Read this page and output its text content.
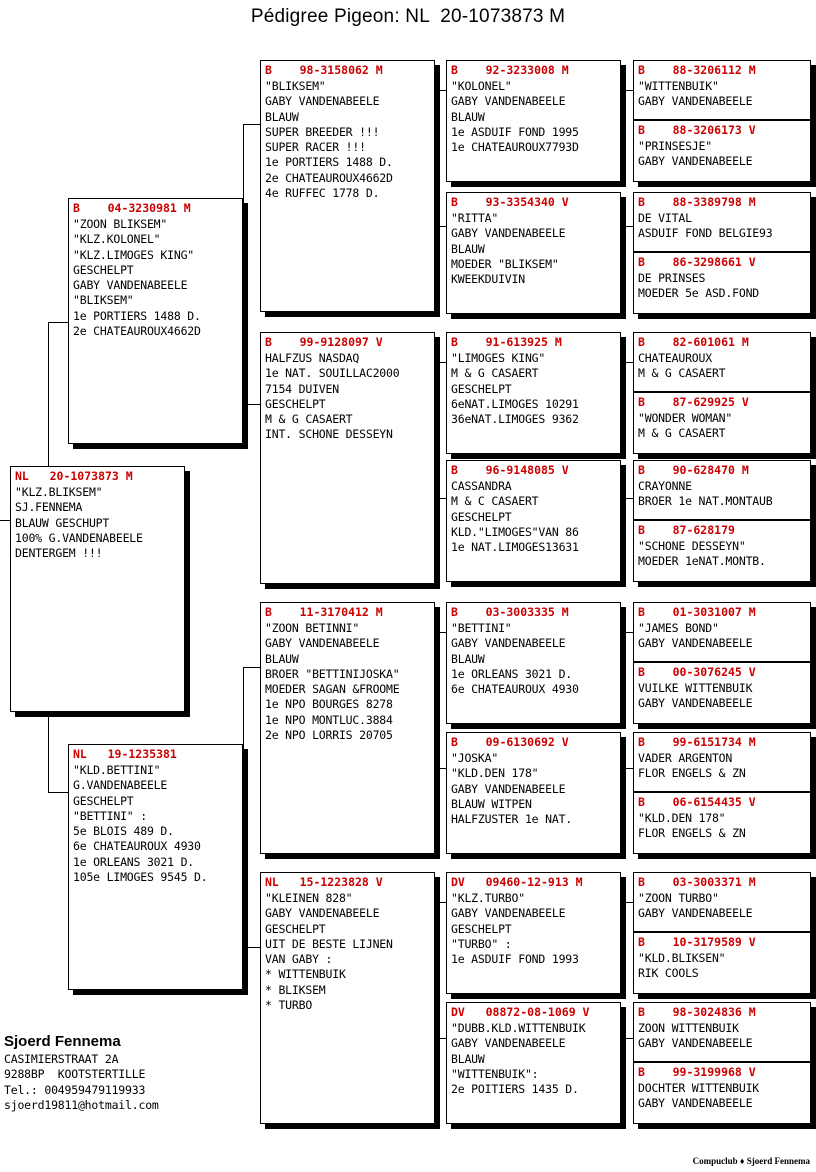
Pédigree Pigeon: NL  20-1073873 M
NL   20-1073873 M
"KLZ.BLIKSEM"
SJ.FENNEMA
BLAUW GESCHUPT
100% G.VANDENABEELE
DENTERGEM !!!
B    04-3230981 M
"ZOON BLIKSEM"
"KLZ.KOLONEL"
"KLZ.LIMOGES KING"
GESCHELPT
GABY VANDENABEELE
"BLIKSEM"
1e PORTIERS 1488 D.
2e CHATEAUROUX4662D
NL   19-1235381
"KLD.BETTINI"
G.VANDENABEELE
GESCHELPT
"BETTINI" :
5e BLOIS 489 D.
6e CHATEAUROUX 4930
1e ORLEANS 3021 D.
105e LIMOGES 9545 D.
B    98-3158062 M
"BLIKSEM"
GABY VANDENABEELE
BLAUW
SUPER BREEDER !!!
SUPER RACER !!!
1e PORTIERS 1488 D.
2e CHATEAUROUX4662D
4e RUFFEC 1778 D.
B    99-9128097 V
HALFZUS NASDAQ
1e NAT. SOUILLAC2000
7154 DUIVEN
GESCHELPT
M & G CASAERT
INT. SCHONE DESSEYN
B    11-3170412 M
"ZOON BETINNI"
GABY VANDENABEELE
BLAUW
BROER "BETTINIJOSKA"
MOEDER SAGAN &FROOME
1e NPO BOURGES 8278
1e NPO MONTLUC.3884
2e NPO LORRIS 20705
NL   15-1223828 V
"KLEINEN 828"
GABY VANDENABEELE
GESCHELPT
UIT DE BESTE LIJNEN
VAN GABY :
* WITTENBUIK
* BLIKSEM
* TURBO
B    92-3233008 M
"KOLONEL"
GABY VANDENABEELE
BLAUW
1e ASDUIF FOND 1995
1e CHATEAUROUX7793D
B    93-3354340 V
"RITTA"
GABY VANDENABEELE
BLAUW
MOEDER "BLIKSEM"
KWEEKDUIVIN
B    91-613925 M
"LIMOGES KING"
M & G CASAERT
GESCHELPT
6eNAT.LIMOGES 10291
36eNAT.LIMOGES 9362
B    96-9148085 V
CASSANDRA
M & C CASAERT
GESCHELPT
KLD."LIMOGES"VAN 86
1e NAT.LIMOGES13631
B    03-3003335 M
"BETTINI"
GABY VANDENABEELE
BLAUW
1e ORLEANS 3021 D.
6e CHATEAUROUX 4930
B    09-6130692 V
"JOSKA"
"KLD.DEN 178"
GABY VANDENABEELE
BLAUW WITPEN
HALFZUSTER 1e NAT.
DV   09460-12-913 M
"KLZ.TURBO"
GABY VANDENABEELE
GESCHELPT
"TURBO" :
1e ASDUIF FOND 1993
DV   08872-08-1069 V
"DUBB.KLD.WITTENBUIK
GABY VANDENABEELE
BLAUW
"WITTENBUIK":
2e POITIERS 1435 D.
B    88-3206112 M
"WITTENBUIK"
GABY VANDENABEELE
B    88-3206173 V
"PRINSESJE"
GABY VANDENABEELE
B    88-3389798 M
DE VITAL
ASDUIF FOND BELGIE93
B    86-3298661 V
DE PRINSES
MOEDER 5e ASD.FOND
B    82-601061 M
CHATEAUROUX
M & G CASAERT
B    87-629925 V
"WONDER WOMAN"
M & G CASAERT
B    90-628470 M
CRAYONNE
BROER 1e NAT.MONTAUB
B    87-628179
"SCHONE DESSEYN"
MOEDER 1eNAT.MONTB.
B    01-3031007 M
"JAMES BOND"
GABY VANDENABEELE
B    00-3076245 V
VUILKE WITTENBUIK
GABY VANDENABEELE
B    99-6151734 M
VADER ARGENTON
FLOR ENGELS & ZN
B    06-6154435 V
"KLD.DEN 178"
FLOR ENGELS & ZN
B    03-3003371 M
"ZOON TURBO"
GABY VANDENABEELE
B    10-3179589 V
"KLD.BLIKSEN"
RIK COOLS
B    98-3024836 M
ZOON WITTENBUIK
GABY VANDENABEELE
B    99-3199968 V
DOCHTER WITTENBUIK
GABY VANDENABEELE
Sjoerd Fennema
CASIMIERSTRAAT 2A
9288BP  KOOTSTERTILLE
Tel.: 004959479119933
sjoerd19811@hotmail.com
Compuclub ♦ Sjoerd Fennema
